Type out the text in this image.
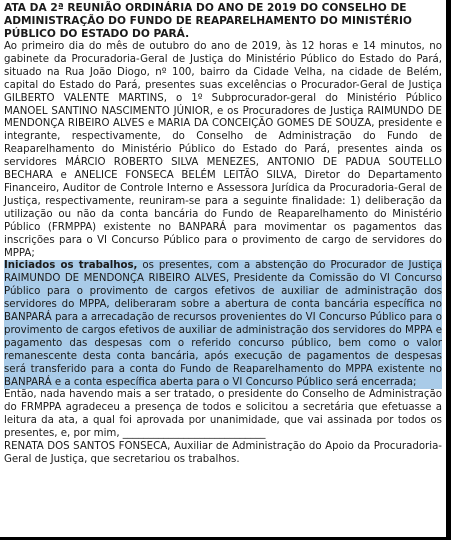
ATA DA 2ª REUNIÃO ORDINÁRIA DO ANO DE 2019 DO CONSELHO DE ADMINISTRAÇÃO DO FUNDO DE REAPARELHAMENTO DO MINISTÉRIO PÚBLICO DO ESTADO DO PARÁ.

Ao primeiro dia do mês de outubro do ano de 2019, às 12 horas e 14 minutos, no gabinete da Procuradoria-Geral de Justiça do Ministério Público do Estado do Pará, situado na Rua João Diogo, nº 100, bairro da Cidade Velha, na cidade de Belém, capital do Estado do Pará, presentes suas excelências o Procurador-Geral de Justiça GILBERTO VALENTE MARTINS, o 1º Subprocurador-geral do Ministério Público MANOEL SANTINO NASCIMENTO JÚNIOR, e os Procuradores de Justiça RAIMUNDO DE MENDONÇA RIBEIRO ALVES e MARIA DA CONCEIÇÃO GOMES DE SOUZA, presidente e integrante, respectivamente, do Conselho de Administração do Fundo de Reaparelhamento do Ministério Público do Estado do Pará, presentes ainda os servidores MÁRCIO ROBERTO SILVA MENEZES, ANTONIO DE PADUA SOUTELLO BECHARA e ANELICE FONSECA BELÉM LEITÃO SILVA, Diretor do Departamento Financeiro, Auditor de Controle Interno e Assessora Jurídica da Procuradoria-Geral de Justiça, respectivamente, reuniram-se para a seguinte finalidade: 1) deliberação da utilização ou não da conta bancária do Fundo de Reaparelhamento do Ministério Público (FRMPPA) existente no BANPARÁ para movimentar os pagamentos das inscrições para o VI Concurso Público para o provimento de cargo de servidores do MPPA;

Iniciados os trabalhos, os presentes, com a abstenção do Procurador de Justiça RAIMUNDO DE MENDONÇA RIBEIRO ALVES, Presidente da Comissão do VI Concurso Público para o provimento de cargos efetivos de auxiliar de administração dos servidores do MPPA, deliberaram sobre a abertura de conta bancária específica no BANPARÁ para a arrecadação de recursos provenientes do VI Concurso Público para o provimento de cargos efetivos de auxiliar de administração dos servidores do MPPA e pagamento das despesas com o referido concurso público, bem como o valor remanescente desta conta bancária, após execução de pagamentos de despesas será transferido para a conta do Fundo de Reaparelhamento do MPPA existente no BANPARÁ e a conta específica aberta para o VI Concurso Público será encerrada;

Então, nada havendo mais a ser tratado, o presidente do Conselho de Administração do FRMPPA agradeceu a presença de todos e solicitou a secretária que efetuasse a leitura da ata, a qual foi aprovada por unanimidade, que vai assinada por todos os presentes, e, por mim, ____________________________

RENATA DOS SANTOS FONSECA, Auxiliar de Administração do Apoio da Procuradoria-Geral de Justiça, que secretariou os trabalhos.
